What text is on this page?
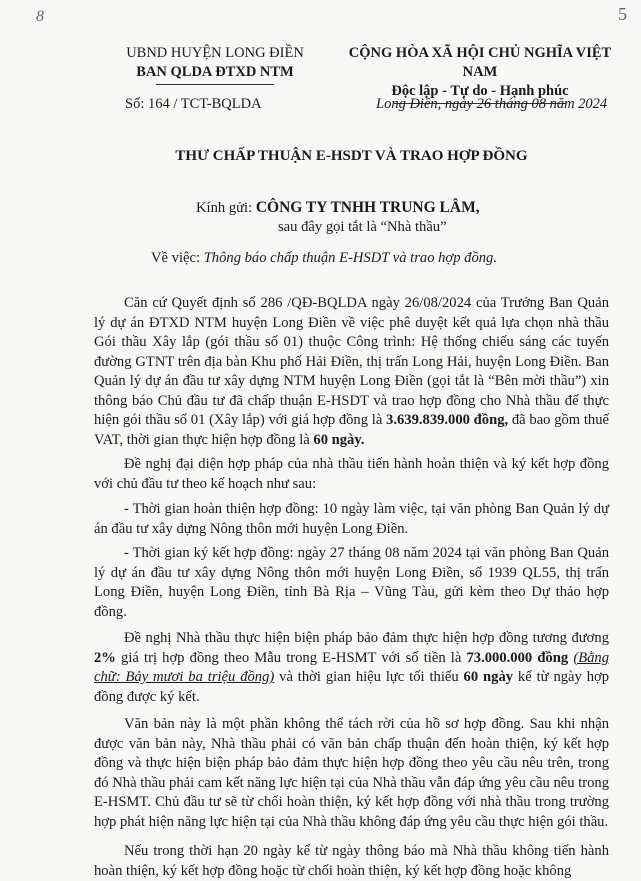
8	5
UBND HUYỆN LONG ĐIỀN
BAN QLDA ĐTXD NTM
Số: 164 / TCT-BQLDA
CỘNG HÒA XÃ HỘI CHỦ NGHĨA VIỆT NAM
Độc lập - Tự do - Hạnh phúc
Long Điền, ngày 26 tháng 08 năm 2024
THƯ CHẤP THUẬN E-HSDT VÀ TRAO HỢP ĐỒNG
Kính gửi: CÔNG TY TNHH TRUNG LÂM,
sau đây gọi tắt là “Nhà thầu”
Về việc: Thông báo chấp thuận E-HSDT và trao hợp đồng.

Căn cứ Quyết định số 286 /QĐ-BQLDA ngày 26/08/2024 của Trưởng Ban Quản lý dự án ĐTXD NTM huyện Long Điền về việc phê duyệt kết quả lựa chọn nhà thầu Gói thầu Xây lắp (gói thầu số 01) thuộc Công trình: Hệ thống chiếu sáng các tuyến đường GTNT trên địa bàn Khu phố Hải Điền, thị trấn Long Hải, huyện Long Điền. Ban Quản lý dự án đầu tư xây dựng NTM huyện Long Điền (gọi tắt là “Bên mời thầu”) xin thông báo Chủ đầu tư đã chấp thuận E-HSDT và trao hợp đồng cho Nhà thầu để thực hiện gói thầu số 01 (Xây lắp) với giá hợp đồng là 3.639.839.000 đồng, đã bao gồm thuế VAT, thời gian thực hiện hợp đồng là 60 ngày.

Đề nghị đại diện hợp pháp của nhà thầu tiến hành hoàn thiện và ký kết hợp đồng với chủ đầu tư theo kế hoạch như sau:

- Thời gian hoàn thiện hợp đồng: 10 ngày làm việc, tại văn phòng Ban Quản lý dự án đầu tư xây dựng Nông thôn mới huyện Long Điền.

- Thời gian ký kết hợp đồng: ngày 27 tháng 08 năm 2024 tại văn phòng Ban Quản lý dự án đầu tư xây dựng Nông thôn mới huyện Long Điền, số 1939 QL55, thị trấn Long Điền, huyện Long Điền, tỉnh Bà Rịa – Vũng Tàu, gửi kèm theo Dự thảo hợp đồng.

Đề nghị Nhà thầu thực hiện biện pháp bảo đảm thực hiện hợp đồng tương đương 2% giá trị hợp đồng theo Mẫu trong E-HSMT với số tiền là 73.000.000 đồng (Bằng chữ: Bảy mươi ba triệu đồng) và thời gian hiệu lực tối thiểu 60 ngày kể từ ngày hợp đồng được ký kết.

Văn bản này là một phần không thể tách rời của hồ sơ hợp đồng. Sau khi nhận được văn bản này, Nhà thầu phải có văn bản chấp thuận đến hoàn thiện, ký kết hợp đồng và thực hiện biện pháp bảo đảm thực hiện hợp đồng theo yêu cầu nêu trên, trong đó Nhà thầu phải cam kết năng lực hiện tại của Nhà thầu vẫn đáp ứng yêu cầu nêu trong E-HSMT. Chủ đầu tư sẽ từ chối hoàn thiện, ký kết hợp đồng với nhà thầu trong trường hợp phát hiện năng lực hiện tại của Nhà thầu không đáp ứng yêu cầu thực hiện gói thầu.

Nếu trong thời hạn 20 ngày kể từ ngày thông báo mà Nhà thầu không tiến hành hoàn thiện, ký kết hợp đồng hoặc từ chối hoàn thiện, ký kết hợp đồng hoặc không
